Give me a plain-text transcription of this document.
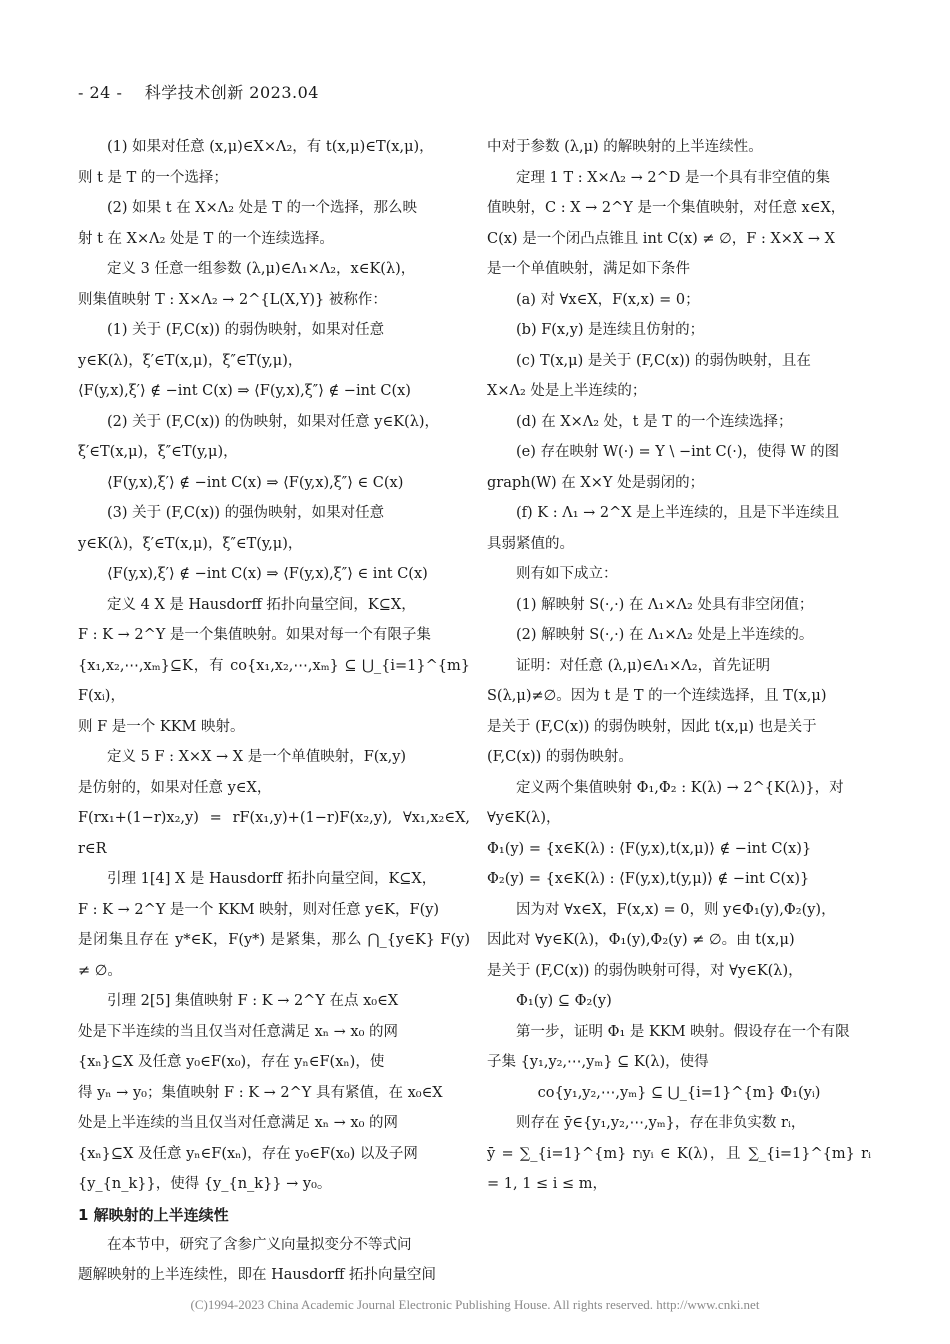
- 24 - 科学技术创新 2023.04

(1) 如果对任意 (x,μ)∈X×Λ₂，有 t(x,μ)∈T(x,μ)，

则 t 是 T 的一个选择；

(2) 如果 t 在 X×Λ₂ 处是 T 的一个选择，那么映

射 t 在 X×Λ₂ 处是 T 的一个连续选择。

定义 3 任意一组参数 (λ,μ)∈Λ₁×Λ₂，x∈K(λ)，

则集值映射 T : X×Λ₂ → 2^{L(X,Y)} 被称作：

(1) 关于 (F,C(x)) 的弱伪映射，如果对任意

y∈K(λ)，ξ′∈T(x,μ)，ξ″∈T(y,μ)，

⟨F(y,x),ξ′⟩ ∉ −int C(x) ⇒ ⟨F(y,x),ξ″⟩ ∉ −int C(x)

(2) 关于 (F,C(x)) 的伪映射，如果对任意 y∈K(λ)，

ξ′∈T(x,μ)，ξ″∈T(y,μ)，

⟨F(y,x),ξ′⟩ ∉ −int C(x) ⇒ ⟨F(y,x),ξ″⟩ ∈ C(x)

(3) 关于 (F,C(x)) 的强伪映射，如果对任意

y∈K(λ)，ξ′∈T(x,μ)，ξ″∈T(y,μ)，

⟨F(y,x),ξ′⟩ ∉ −int C(x) ⇒ ⟨F(y,x),ξ″⟩ ∈ int C(x)

定义 4 X 是 Hausdorff 拓扑向量空间，K⊆X，

F : K → 2^Y 是一个集值映射。如果对每一个有限子集

{x₁,x₂,⋯,xₘ}⊆K，有 co{x₁,x₂,⋯,xₘ} ⊆ ⋃_{i=1}^{m} F(xᵢ)，

则 F 是一个 KKM 映射。

定义 5 F : X×X → X 是一个单值映射，F(x,y)

是仿射的，如果对任意 y∈X，

F(rx₁+(1−r)x₂,y) = rF(x₁,y)+(1−r)F(x₂,y), ∀x₁,x₂∈X, r∈R

引理 1[4] X 是 Hausdorff 拓扑向量空间，K⊆X，

F : K → 2^Y 是一个 KKM 映射，则对任意 y∈K，F(y)

是闭集且存在 y*∈K，F(y*) 是紧集，那么 ⋂_{y∈K} F(y) ≠ ∅。

引理 2[5] 集值映射 F : K → 2^Y 在点 x₀∈X

处是下半连续的当且仅当对任意满足 xₙ → x₀ 的网

{xₙ}⊆X 及任意 y₀∈F(x₀)，存在 yₙ∈F(xₙ)，使

得 yₙ → y₀；集值映射 F : K → 2^Y 具有紧值，在 x₀∈X

处是上半连续的当且仅当对任意满足 xₙ → x₀ 的网

{xₙ}⊆X 及任意 yₙ∈F(xₙ)，存在 y₀∈F(x₀) 以及子网

{y_{n_k}}，使得 {y_{n_k}} → y₀。

1 解映射的上半连续性

在本节中，研究了含参广义向量拟变分不等式问

题解映射的上半连续性，即在 Hausdorff 拓扑向量空间

中对于参数 (λ,μ) 的解映射的上半连续性。

定理 1 T : X×Λ₂ → 2^D 是一个具有非空值的集

值映射，C : X → 2^Y 是一个集值映射，对任意 x∈X，

C(x) 是一个闭凸点锥且 int C(x) ≠ ∅，F : X×X → X

是一个单值映射，满足如下条件

(a) 对 ∀x∈X，F(x,x) = 0；

(b) F(x,y) 是连续且仿射的；

(c) T(x,μ) 是关于 (F,C(x)) 的弱伪映射，且在

X×Λ₂ 处是上半连续的；

(d) 在 X×Λ₂ 处，t 是 T 的一个连续选择；

(e) 存在映射 W(·) = Y \ −int C(·)，使得 W 的图

graph(W) 在 X×Y 处是弱闭的；

(f) K : Λ₁ → 2^X 是上半连续的，且是下半连续且

具弱紧值的。

则有如下成立：

(1) 解映射 S(·,·) 在 Λ₁×Λ₂ 处具有非空闭值；

(2) 解映射 S(·,·) 在 Λ₁×Λ₂ 处是上半连续的。

证明：对任意 (λ,μ)∈Λ₁×Λ₂，首先证明

S(λ,μ)≠∅。因为 t 是 T 的一个连续选择，且 T(x,μ)

是关于 (F,C(x)) 的弱伪映射，因此 t(x,μ) 也是关于

(F,C(x)) 的弱伪映射。

定义两个集值映射 Φ₁,Φ₂ : K(λ) → 2^{K(λ)}，对

∀y∈K(λ)，

Φ₁(y) = {x∈K(λ) : ⟨F(y,x),t(x,μ)⟩ ∉ −int C(x)}

Φ₂(y) = {x∈K(λ) : ⟨F(y,x),t(y,μ)⟩ ∉ −int C(x)}

因为对 ∀x∈X，F(x,x) = 0，则 y∈Φ₁(y),Φ₂(y)，

因此对 ∀y∈K(λ)，Φ₁(y),Φ₂(y) ≠ ∅。由 t(x,μ)

是关于 (F,C(x)) 的弱伪映射可得，对 ∀y∈K(λ)，

Φ₁(y) ⊆ Φ₂(y)

第一步，证明 Φ₁ 是 KKM 映射。假设存在一个有限

子集 {y₁,y₂,⋯,yₘ} ⊆ K(λ)，使得

co{y₁,y₂,⋯,yₘ} ⊆ ⋃_{i=1}^{m} Φ₁(yᵢ)

则存在 ȳ∈{y₁,y₂,⋯,yₘ}，存在非负实数 rᵢ，

ȳ = ∑_{i=1}^{m} rᵢyᵢ ∈ K(λ)，且 ∑_{i=1}^{m} rᵢ = 1, 1 ≤ i ≤ m，

(C)1994-2023 China Academic Journal Electronic Publishing House. All rights reserved. http://www.cnki.net
